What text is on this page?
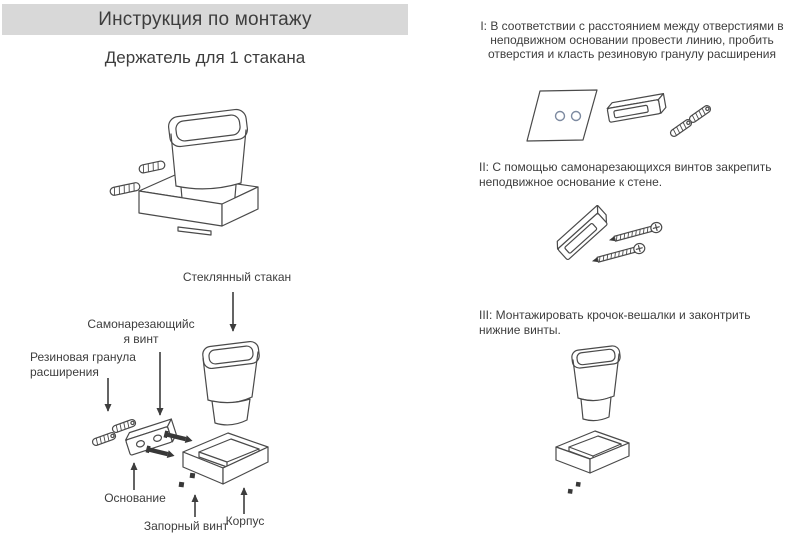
Инструкция по монтажу
Держатель для 1 стакана
Стеклянный стакан
Самонарезающийс
я винт
Резиновая гранула расширения
Основание
Запорный винт
Корпус
I: В соответствии с расстоянием между отверстиями в неподвижном основании провести линию, пробить отверстия и класть резиновую гранулу расширения
II: С помощью самонарезающихся винтов закрепить неподвижное основание к стене.
III: Монтажировать крочок-вешалки и законтрить нижние винты.
